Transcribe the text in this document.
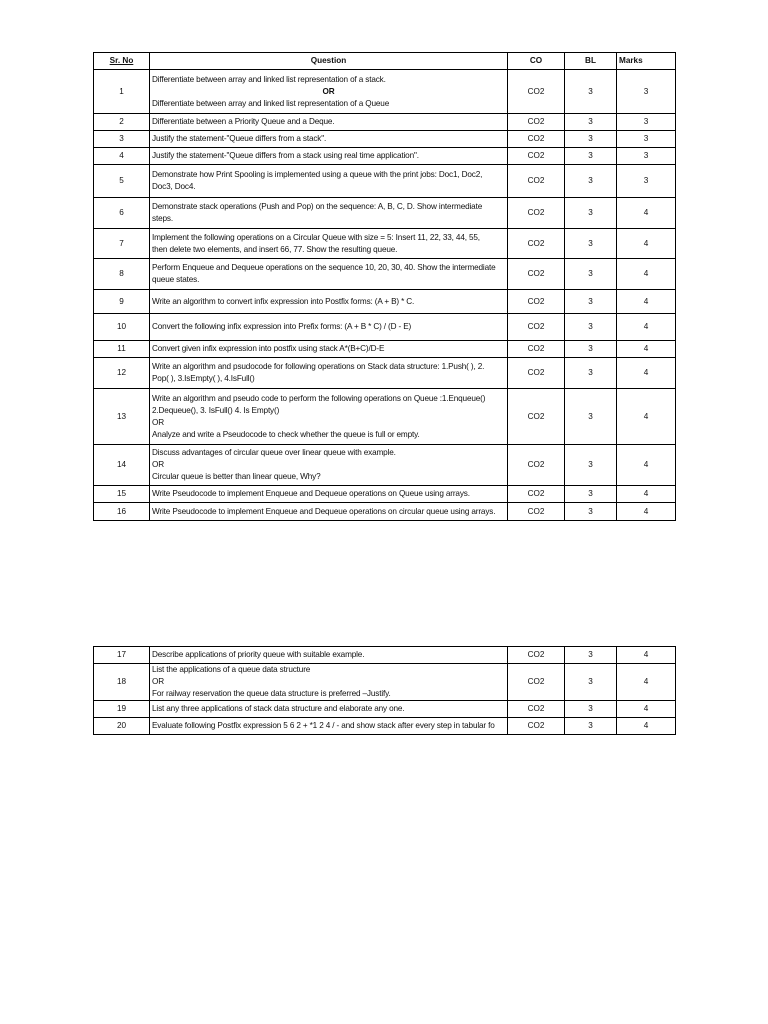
Sr. No	Question	CO	BL	Marks
1	Differentiate between array and linked list representation of a stack.
OR
Differentiate between array and linked list representation of a Queue	CO2	3	3
2	Differentiate between a Priority Queue and a Deque.	CO2	3	3
3	Justify the statement-"Queue differs from a stack".	CO2	3	3
4	Justify the statement-"Queue differs from a stack using real time application".	CO2	3	3
5	Demonstrate how Print Spooling is implemented using a queue with the print jobs: Doc1, Doc2,
Doc3, Doc4.	CO2	3	3
6	Demonstrate stack operations (Push and Pop) on the sequence: A, B, C, D. Show intermediate
steps.	CO2	3	4
7	Implement the following operations on a Circular Queue with size = 5: Insert 11, 22, 33, 44, 55,
then delete two elements, and insert 66, 77. Show the resulting queue.	CO2	3	4
8	Perform Enqueue and Dequeue operations on the sequence 10, 20, 30, 40. Show the intermediate
queue states.	CO2	3	4
9	Write an algorithm to convert infix expression into Postfix forms: (A + B) * C.	CO2	3	4
10	Convert the following infix expression into Prefix forms: (A + B * C) / (D - E)	CO2	3	4
11	Convert given infix expression into postfix using stack A*(B+C)/D-E	CO2	3	4
12	Write an algorithm and psudocode for following operations on Stack data structure: 1.Push( ), 2.
Pop( ), 3.IsEmpty( ), 4.IsFull()	CO2	3	4
13	Write an algorithm and pseudo code to perform the following operations on Queue :1.Enqueue()
2.Dequeue(), 3. IsFull() 4. Is Empty()
OR
Analyze and write a Pseudocode to check whether the queue is full or empty.	CO2	3	4
14	Discuss advantages of circular queue over linear queue with example.
OR
Circular queue is better than linear queue, Why?	CO2	3	4
15	Write Pseudocode to implement Enqueue and Dequeue operations on Queue using arrays.	CO2	3	4
16	Write Pseudocode to implement Enqueue and Dequeue operations on circular queue using arrays.	CO2	3	4
17	Describe applications of priority queue with suitable example.	CO2	3	4
18	List the applications of a queue data structure
OR
For railway reservation the queue data structure is preferred –Justify.	CO2	3	4
19	List any three applications of stack data structure and elaborate any one.	CO2	3	4
20	Evaluate following Postfix expression 5 6 2 + *1 2 4 / - and show stack after every step in tabular fo	CO2	3	4
